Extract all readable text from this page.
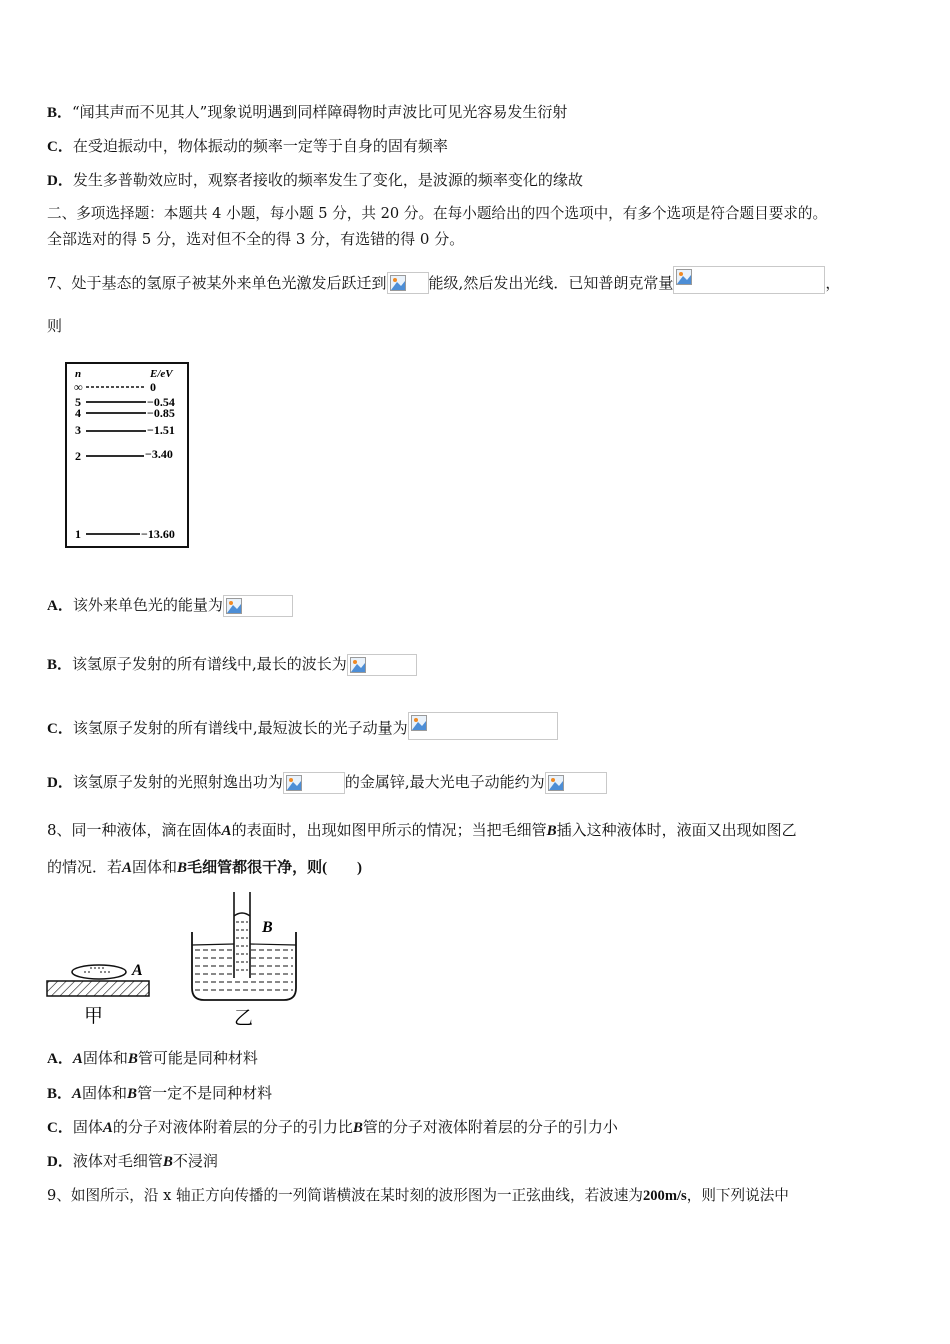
B．“闻其声而不见其人”现象说明遇到同样障碍物时声波比可见光容易发生衍射
C．在受迫振动中，物体振动的频率一定等于自身的固有频率
D．发生多普勒效应时，观察者接收的频率发生了变化，是波源的频率变化的缘故
二、多项选择题：本题共 4 小题，每小题 5 分，共 20 分。在每小题给出的四个选项中，有多个选项是符合题目要求的。
全部选对的得 5 分，选对但不全的得 3 分，有选错的得 0 分。
7、处于基态的氢原子被某外来单色光激发后跃迁到	能级,然后发出光线．已知普朗克常量	，
则
n	E/eV
∞	0
5	−0.54
4	−0.85
3	−1.51
2	−3.40
1	−13.60
A．该外来单色光的能量为
B．该氢原子发射的所有谱线中,最长的波长为
C．该氢原子发射的所有谱线中,最短波长的光子动量为
D．该氢原子发射的光照射逸出功为	的金属锌,最大光电子动能约为
8、同一种液体，滴在固体A的表面时，出现如图甲所示的情况；当把毛细管B插入这种液体时，液面又出现如图乙
的情况．若A固体和B毛细管都很干净，则(　　)
A
甲
B
乙
A．A固体和B管可能是同种材料
B．A固体和B管一定不是同种材料
C．固体A的分子对液体附着层的分子的引力比B管的分子对液体附着层的分子的引力小
D．液体对毛细管B不浸润
9、如图所示，沿 x 轴正方向传播的一列简谐横波在某时刻的波形图为一正弦曲线，若波速为200m/s，则下列说法中
